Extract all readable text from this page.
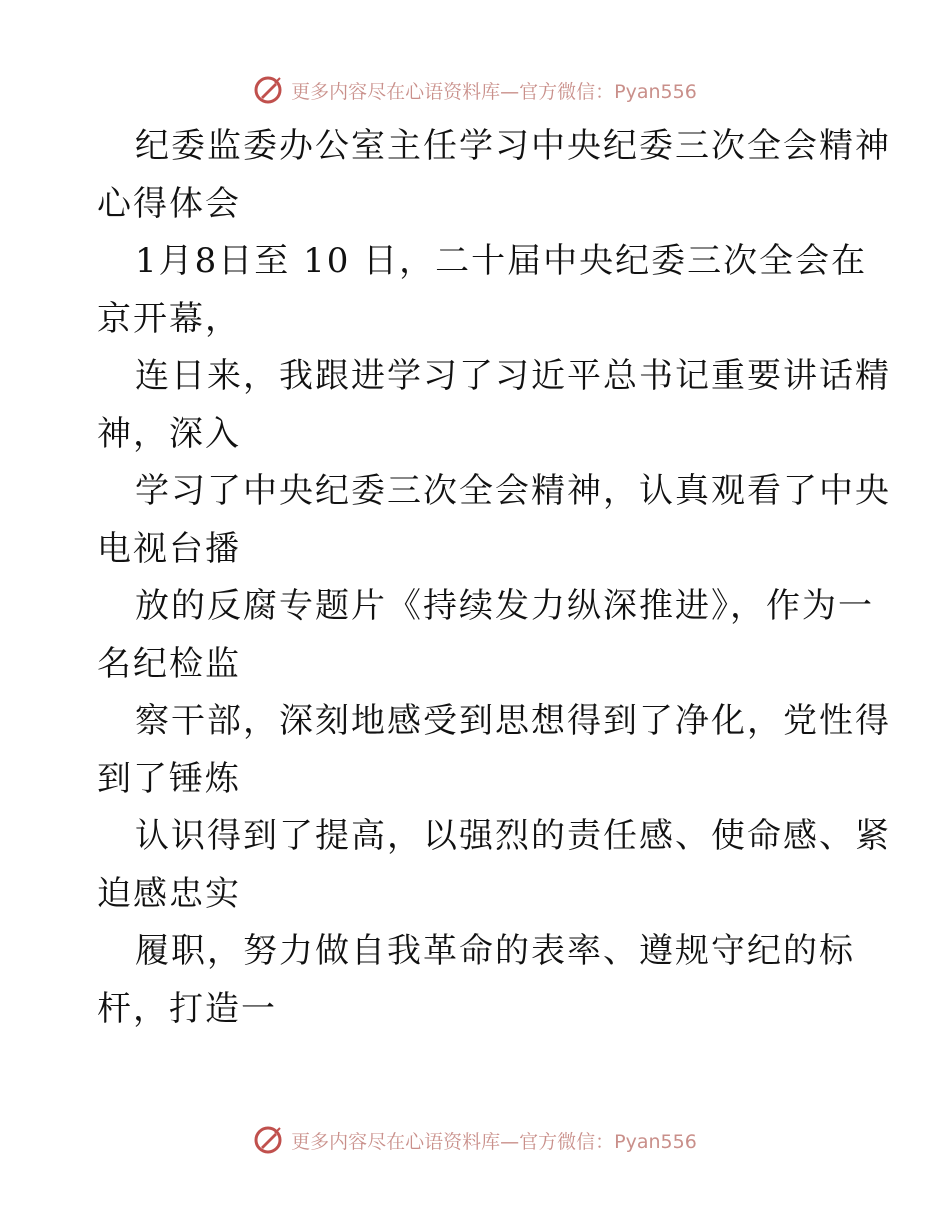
更多内容尽在心语资料库—官方微信：Pyan556
纪委监委办公室主任学习中央纪委三次全会精神
心得体会
1月8日至 10 日，二十届中央纪委三次全会在
京开幕，
连日来，我跟进学习了习近平总书记重要讲话精
神，深入
学习了中央纪委三次全会精神，认真观看了中央
电视台播
放的反腐专题片《持续发力纵深推进》，作为一
名纪检监
察干部，深刻地感受到思想得到了净化，党性得
到了锤炼
认识得到了提高，以强烈的责任感、使命感、紧
迫感忠实
履职，努力做自我革命的表率、遵规守纪的标
杆，打造一
更多内容尽在心语资料库—官方微信：Pyan556
